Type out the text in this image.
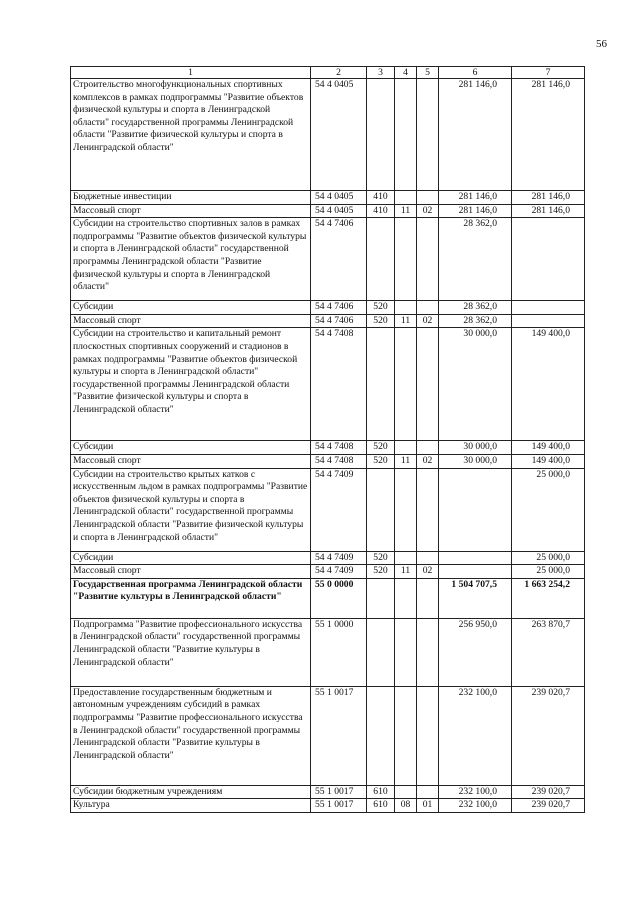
56
1	2	3	4	5	6	7
Строительство многофункциональных спортивных комплексов в рамках подпрограммы "Развитие объектов физической культуры и спорта в Ленинградской области" государственной программы Ленинградской области "Развитие физической культуры и спорта в Ленинградской области"	54 4 0405				281 146,0	281 146,0
Бюджетные инвестиции	54 4 0405	410			281 146,0	281 146,0
Массовый спорт	54 4 0405	410	11	02	281 146,0	281 146,0
Субсидии на строительство спортивных залов в рамках подпрограммы "Развитие объектов физической культуры и спорта в Ленинградской области" государственной программы Ленинградской области "Развитие физической культуры и спорта в Ленинградской области"	54 4 7406				28 362,0	
Субсидии	54 4 7406	520			28 362,0	
Массовый спорт	54 4 7406	520	11	02	28 362,0	
Субсидии на строительство и капитальный ремонт плоскостных спортивных сооружений и стадионов в рамках подпрограммы "Развитие объектов физической культуры и спорта в Ленинградской области" государственной программы Ленинградской области "Развитие физической культуры и спорта в Ленинградской области"	54 4 7408				30 000,0	149 400,0
Субсидии	54 4 7408	520			30 000,0	149 400,0
Массовый спорт	54 4 7408	520	11	02	30 000,0	149 400,0
Субсидии на строительство крытых катков с искусственным льдом в рамках подпрограммы "Развитие объектов физической культуры и спорта в Ленинградской области" государственной программы Ленинградской области "Развитие физической культуры и спорта в Ленинградской области"	54 4 7409					25 000,0
Субсидии	54 4 7409	520				25 000,0
Массовый спорт	54 4 7409	520	11	02		25 000,0
Государственная программа Ленинградской области "Развитие культуры в Ленинградской области"	55 0 0000				1 504 707,5	1 663 254,2
Подпрограмма "Развитие профессионального искусства в Ленинградской области" государственной программы Ленинградской области "Развитие культуры в Ленинградской области"	55 1 0000				256 950,0	263 870,7
Предоставление государственным бюджетным и автономным учреждениям субсидий в рамках подпрограммы "Развитие профессионального искусства в Ленинградской области" государственной программы Ленинградской области "Развитие культуры в Ленинградской области"	55 1 0017				232 100,0	239 020,7
Субсидии бюджетным учреждениям	55 1 0017	610			232 100,0	239 020,7
Культура	55 1 0017	610	08	01	232 100,0	239 020,7
